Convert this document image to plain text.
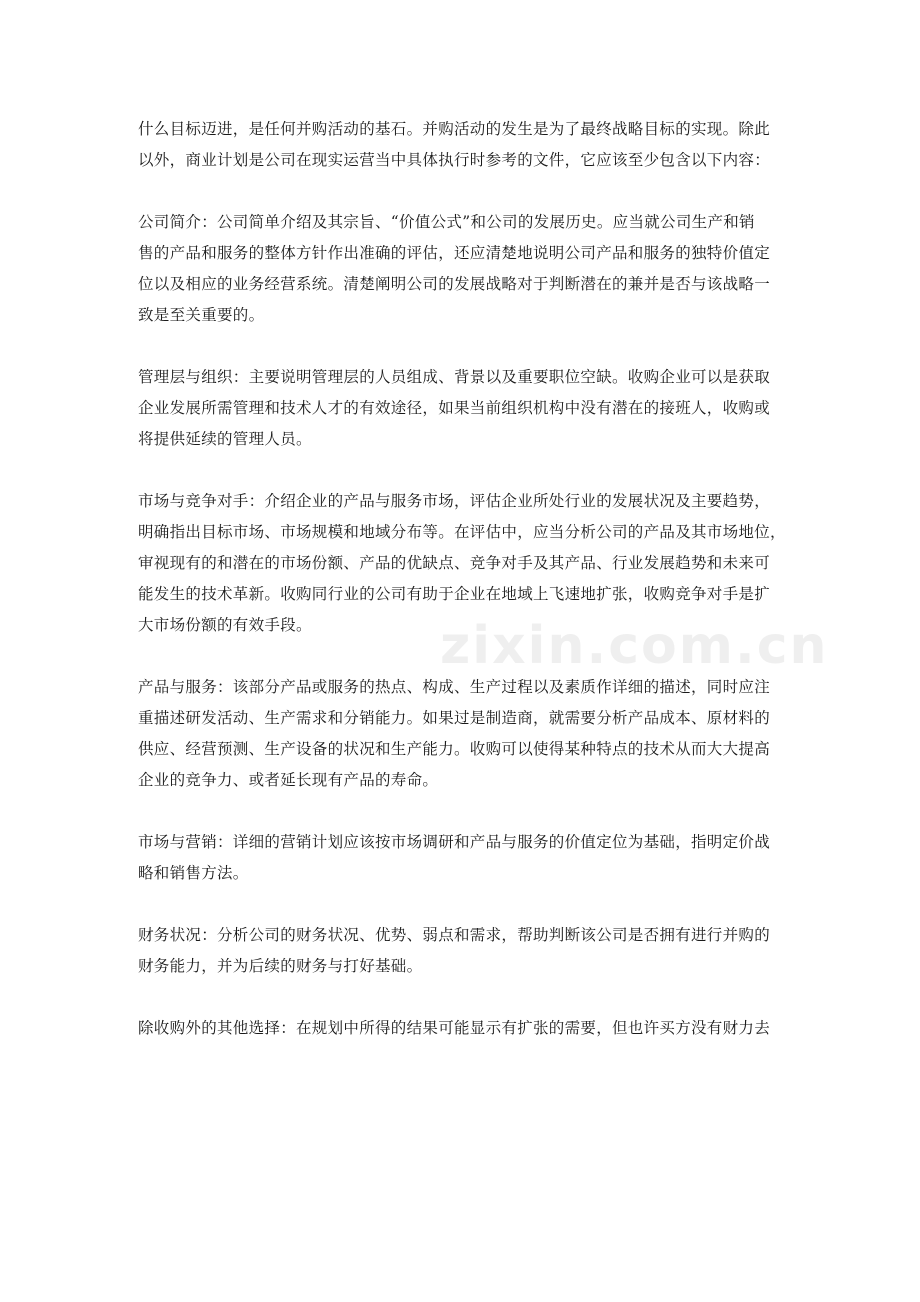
什么目标迈进，是任何并购活动的基石。并购活动的发生是为了最终战略目标的实现。除此
以外，商业计划是公司在现实运营当中具体执行时参考的文件，它应该至少包含以下内容：

公司简介：公司简单介绍及其宗旨、“价值公式”和公司的发展历史。应当就公司生产和销
售的产品和服务的整体方针作出准确的评估，还应清楚地说明公司产品和服务的独特价值定
位以及相应的业务经营系统。清楚阐明公司的发展战略对于判断潜在的兼并是否与该战略一
致是至关重要的。

管理层与组织：主要说明管理层的人员组成、背景以及重要职位空缺。收购企业可以是获取
企业发展所需管理和技术人才的有效途径，如果当前组织机构中没有潜在的接班人，收购或
将提供延续的管理人员。

市场与竞争对手：介绍企业的产品与服务市场，评估企业所处行业的发展状况及主要趋势，
明确指出目标市场、市场规模和地域分布等。在评估中，应当分析公司的产品及其市场地位，
审视现有的和潜在的市场份额、产品的优缺点、竞争对手及其产品、行业发展趋势和未来可
能发生的技术革新。收购同行业的公司有助于企业在地域上飞速地扩张，收购竞争对手是扩
大市场份额的有效手段。

产品与服务：该部分产品或服务的热点、构成、生产过程以及素质作详细的描述，同时应注
重描述研发活动、生产需求和分销能力。如果过是制造商，就需要分析产品成本、原材料的
供应、经营预测、生产设备的状况和生产能力。收购可以使得某种特点的技术从而大大提高
企业的竞争力、或者延长现有产品的寿命。

市场与营销：详细的营销计划应该按市场调研和产品与服务的价值定位为基础，指明定价战
略和销售方法。

财务状况：分析公司的财务状况、优势、弱点和需求，帮助判断该公司是否拥有进行并购的
财务能力，并为后续的财务与打好基础。

除收购外的其他选择：在规划中所得的结果可能显示有扩张的需要，但也许买方没有财力去

zixin.com.cn
